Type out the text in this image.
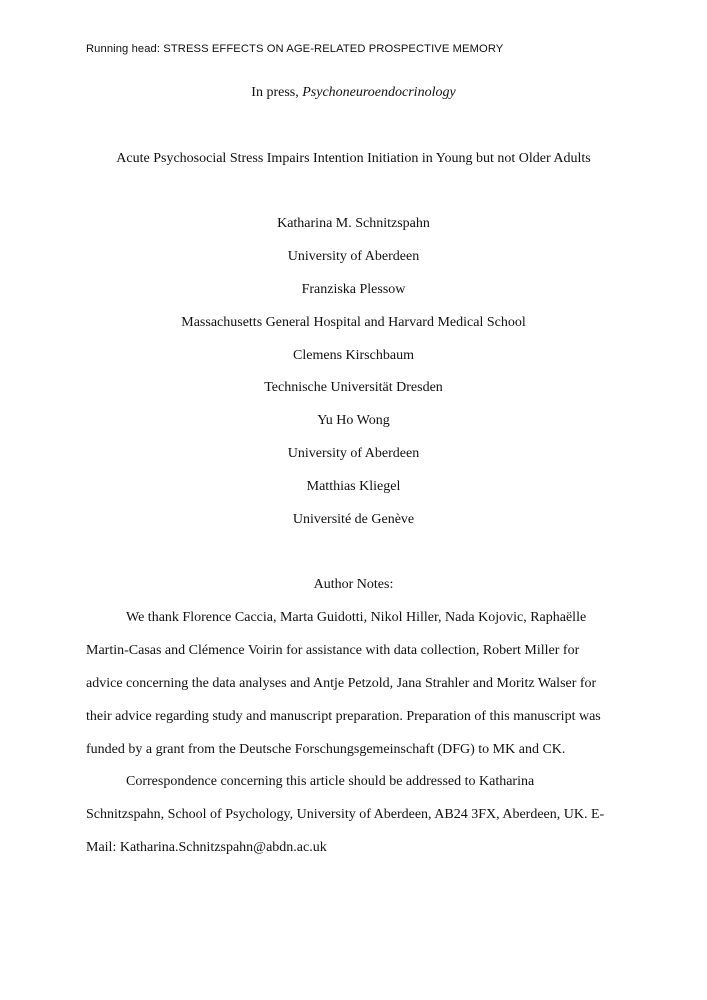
Running head: STRESS EFFECTS ON AGE-RELATED PROSPECTIVE MEMORY
In press, Psychoneuroendocrinology
Acute Psychosocial Stress Impairs Intention Initiation in Young but not Older Adults
Katharina M. Schnitzspahn
University of Aberdeen
Franziska Plessow
Massachusetts General Hospital and Harvard Medical School
Clemens Kirschbaum
Technische Universität Dresden
Yu Ho Wong
University of Aberdeen
Matthias Kliegel
Université de Genève
Author Notes:
We thank Florence Caccia, Marta Guidotti, Nikol Hiller, Nada Kojovic, Raphaëlle
Martin-Casas and Clémence Voirin for assistance with data collection, Robert Miller for
advice concerning the data analyses and Antje Petzold, Jana Strahler and Moritz Walser for
their advice regarding study and manuscript preparation. Preparation of this manuscript was
funded by a grant from the Deutsche Forschungsgemeinschaft (DFG) to MK and CK.
Correspondence concerning this article should be addressed to Katharina
Schnitzspahn, School of Psychology, University of Aberdeen, AB24 3FX, Aberdeen, UK. E-
Mail: Katharina.Schnitzspahn@abdn.ac.uk
